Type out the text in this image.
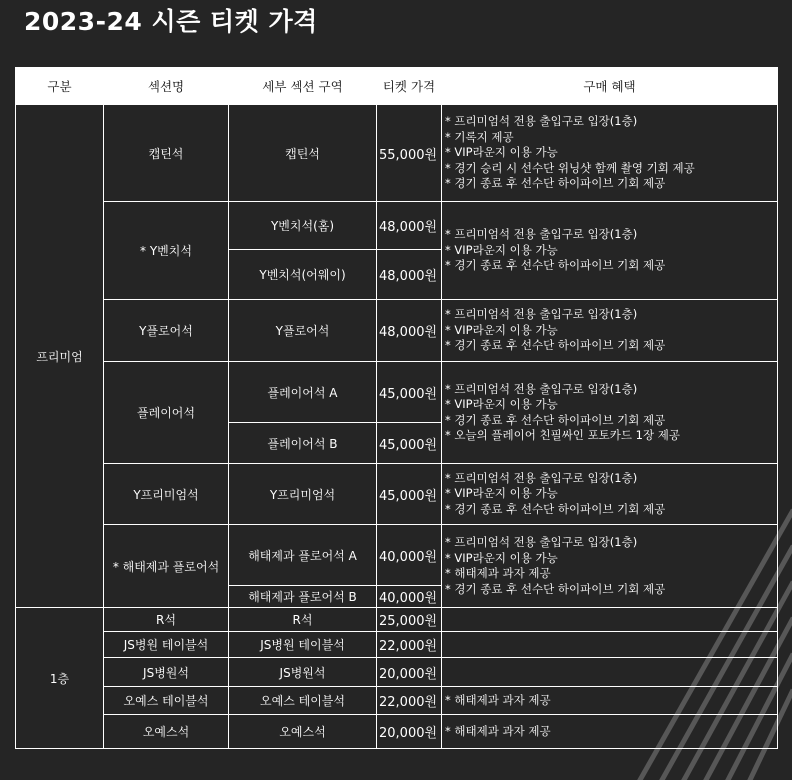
2023-24 시즌 티켓 가격
구분	섹션명	세부 섹션 구역	티켓 가격	구매 혜택
프리미엄	캡틴석	캡틴석	55,000원	* 프리미엄석 전용 출입구로 입장(1층)
* 기록지 제공
* VIP라운지 이용 가능
* 경기 승리 시 선수단 위닝샷 함께 촬영 기회 제공
* 경기 종료 후 선수단 하이파이브 기회 제공

	* Y벤치석	Y벤치석(홈)	48,000원	* 프리미엄석 전용 출입구로 입장(1층)
* VIP라운지 이용 가능
* 경기 종료 후 선수단 하이파이브 기회 제공

		Y벤치석(어웨이)	48,000원	
	Y플로어석	Y플로어석	48,000원	* 프리미엄석 전용 출입구로 입장(1층)
* VIP라운지 이용 가능
* 경기 종료 후 선수단 하이파이브 기회 제공

	플레이어석	플레이어석 A	45,000원	* 프리미엄석 전용 출입구로 입장(1층)
* VIP라운지 이용 가능
* 경기 종료 후 선수단 하이파이브 기회 제공
* 오늘의 플레이어 친필싸인 포토카드 1장 제공

		플레이어석 B	45,000원	
	Y프리미엄석	Y프리미엄석	45,000원	* 프리미엄석 전용 출입구로 입장(1층)
* VIP라운지 이용 가능
* 경기 종료 후 선수단 하이파이브 기회 제공

	* 해태제과 플로어석	해태제과 플로어석 A	40,000원	* 프리미엄석 전용 출입구로 입장(1층)
* VIP라운지 이용 가능
* 해태제과 과자 제공
* 경기 종료 후 선수단 하이파이브 기회 제공

		해태제과 플로어석 B	40,000원	
1층	R석	R석	25,000원	
	JS병원 테이블석	JS병원 테이블석	22,000원	
	JS병원석	JS병원석	20,000원	
	오예스 테이블석	오예스 테이블석	22,000원	* 해태제과 과자 제공

	오예스석	오예스석	20,000원	* 해태제과 과자 제공
